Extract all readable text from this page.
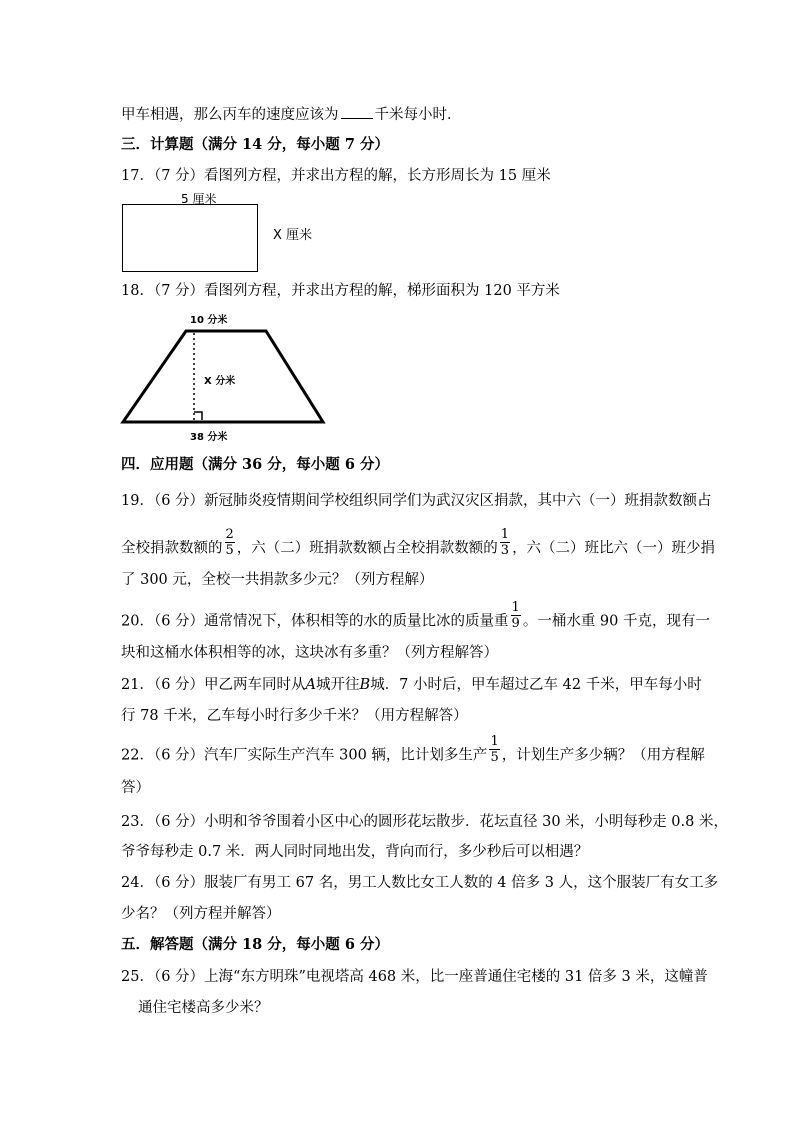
甲车相遇，那么丙车的速度应该为 千米每小时．
三．计算题（满分 14 分，每小题 7 分）
17．（7 分）看图列方程，并求出方程的解，长方形周长为 15 厘米
5 厘米
X 厘米
18．（7 分）看图列方程，并求出方程的解，梯形面积为 120 平方米
10 分米
X 分米
38 分米
四．应用题（满分 36 分，每小题 6 分）
19．（6 分）新冠肺炎疫情期间学校组织同学们为武汉灾区捐款，其中六（一）班捐款数额占
全校捐款数额的 $\frac{2}{5}$ ，六（二）班捐款数额占全校捐款数额的 $\frac{1}{3}$ ，六（二）班比六（一）班少捐
了 300 元，全校一共捐款多少元？（列方程解）
20．（6 分）通常情况下，体积相等的水的质量比冰的质量重 $\frac{1}{9}$ 。一桶水重 90 千克，现有一
块和这桶水体积相等的冰，这块冰有多重？（列方程解答）
21．（6 分）甲乙两车同时从A城开往B城．7 小时后，甲车超过乙车 42 千米，甲车每小时
行 78 千米，乙车每小时行多少千米？（用方程解答）
22．（6 分）汽车厂实际生产汽车 300 辆，比计划多生产 $\frac{1}{5}$ ，计划生产多少辆？（用方程解
答）
23．（6 分）小明和爷爷围着小区中心的圆形花坛散步．花坛直径 30 米，小明每秒走 0.8 米，
爷爷每秒走 0.7 米．两人同时同地出发，背向而行，多少秒后可以相遇？
24．（6 分）服装厂有男工 67 名，男工人数比女工人数的 4 倍多 3 人，这个服装厂有女工多
少名？（列方程并解答）
五．解答题（满分 18 分，每小题 6 分）
25．（6 分）上海“东方明珠”电视塔高 468 米，比一座普通住宅楼的 31 倍多 3 米，这幢普
通住宅楼高多少米？
